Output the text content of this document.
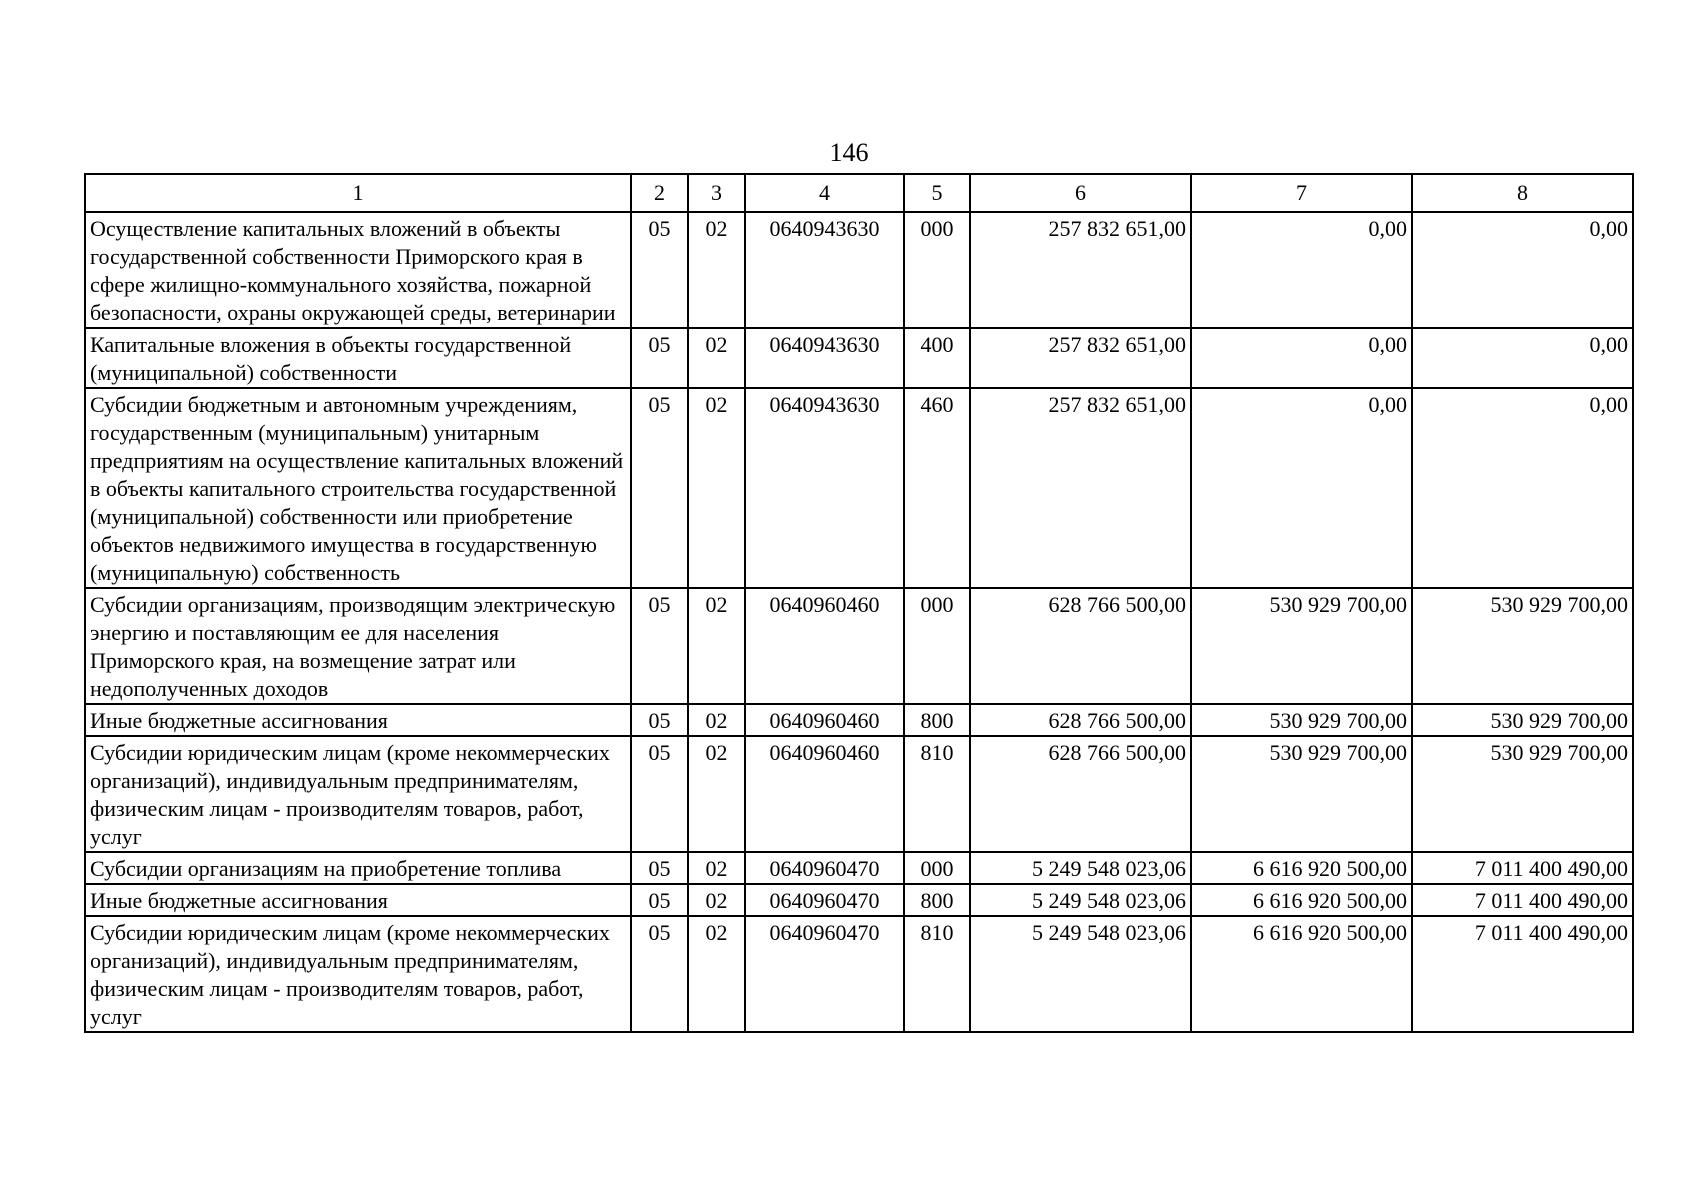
146
1	2	3	4	5	6	7	8
Осуществление капитальных вложений в объекты государственной собственности Приморского края в сфере жилищно-коммунального хозяйства, пожарной безопасности, охраны окружающей среды, ветеринарии	05	02	0640943630	000	257 832 651,00	0,00	0,00
Капитальные вложения в объекты государственной (муниципальной) собственности	05	02	0640943630	400	257 832 651,00	0,00	0,00
Субсидии бюджетным и автономным учреждениям, государственным (муниципальным) унитарным предприятиям на осуществление капитальных вложений в объекты капитального строительства государственной (муниципальной) собственности или приобретение объектов недвижимого имущества в государственную (муниципальную) собственность	05	02	0640943630	460	257 832 651,00	0,00	0,00
Субсидии организациям, производящим электрическую энергию и поставляющим ее для населения Приморского края, на возмещение затрат или недополученных доходов	05	02	0640960460	000	628 766 500,00	530 929 700,00	530 929 700,00
Иные бюджетные ассигнования	05	02	0640960460	800	628 766 500,00	530 929 700,00	530 929 700,00
Субсидии юридическим лицам (кроме некоммерческих организаций), индивидуальным предпринимателям, физическим лицам - производителям товаров, работ, услуг	05	02	0640960460	810	628 766 500,00	530 929 700,00	530 929 700,00
Субсидии организациям на приобретение топлива	05	02	0640960470	000	5 249 548 023,06	6 616 920 500,00	7 011 400 490,00
Иные бюджетные ассигнования	05	02	0640960470	800	5 249 548 023,06	6 616 920 500,00	7 011 400 490,00
Субсидии юридическим лицам (кроме некоммерческих организаций), индивидуальным предпринимателям, физическим лицам - производителям товаров, работ, услуг	05	02	0640960470	810	5 249 548 023,06	6 616 920 500,00	7 011 400 490,00
